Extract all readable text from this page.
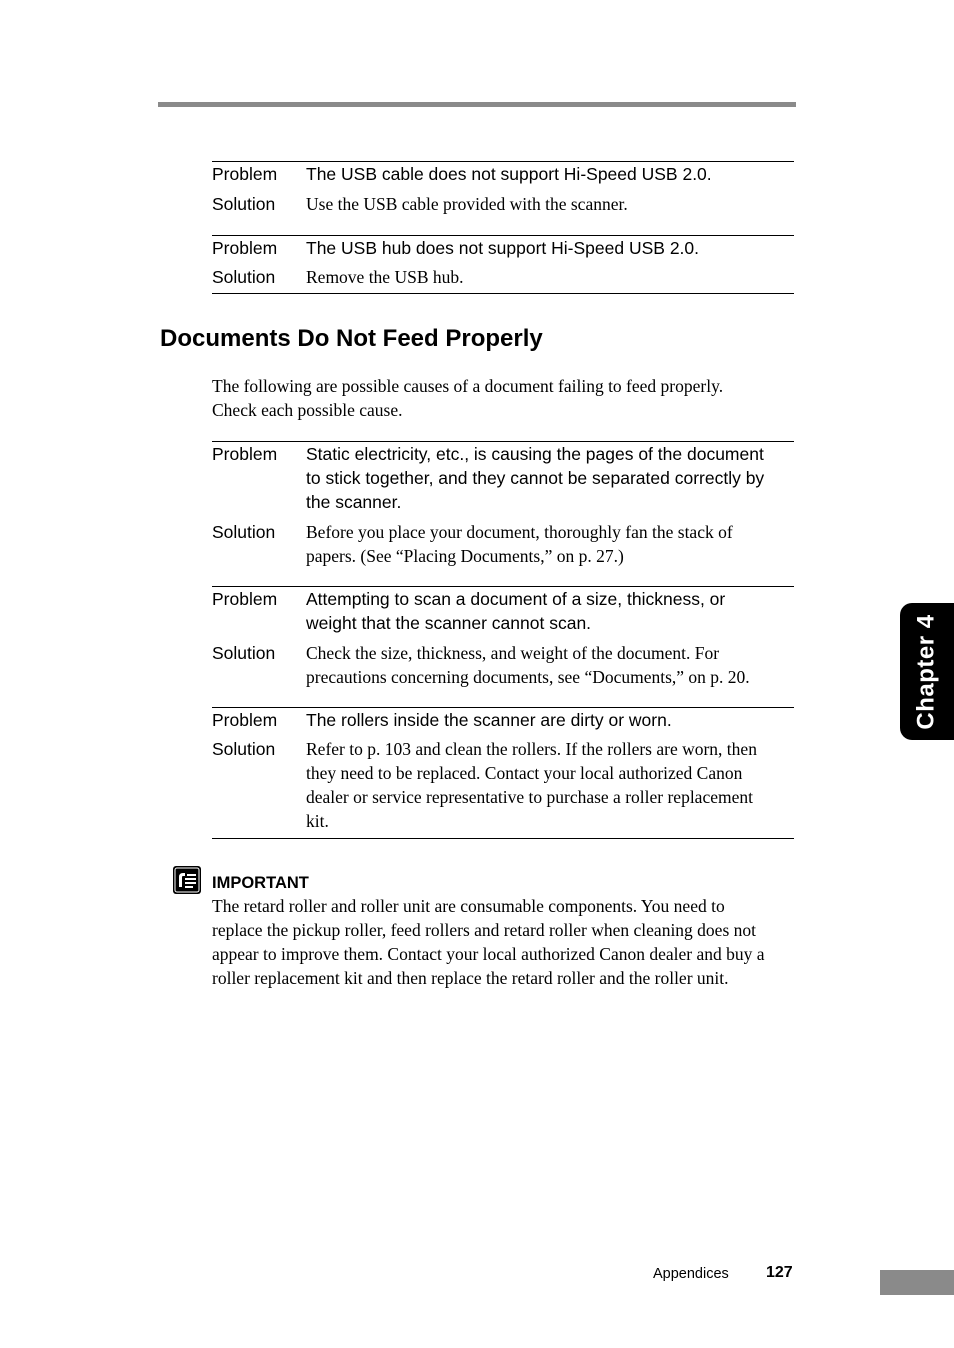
Problem The USB cable does not support Hi-Speed USB 2.0.
Solution Use the USB cable provided with the scanner.
Problem The USB hub does not support Hi-Speed USB 2.0.
Solution Remove the USB hub.
Documents Do Not Feed Properly
The following are possible causes of a document failing to feed properly.
Check each possible cause.
Problem Static electricity, etc., is causing the pages of the document
to stick together, and they cannot be separated correctly by
the scanner.
Solution Before you place your document, thoroughly fan the stack of
papers. (See “Placing Documents,” on p. 27.)
Problem Attempting to scan a document of a size, thickness, or
weight that the scanner cannot scan.
Solution Check the size, thickness, and weight of the document. For
precautions concerning documents, see “Documents,” on p. 20.
Problem The rollers inside the scanner are dirty or worn.
Solution Refer to p. 103 and clean the rollers. If the rollers are worn, then
they need to be replaced. Contact your local authorized Canon
dealer or service representative to purchase a roller replacement
kit.
IMPORTANT
The retard roller and roller unit are consumable components. You need to
replace the pickup roller, feed rollers and retard roller when cleaning does not
appear to improve them. Contact your local authorized Canon dealer and buy a
roller replacement kit and then replace the retard roller and the roller unit.
Chapter 4
Appendices 127
